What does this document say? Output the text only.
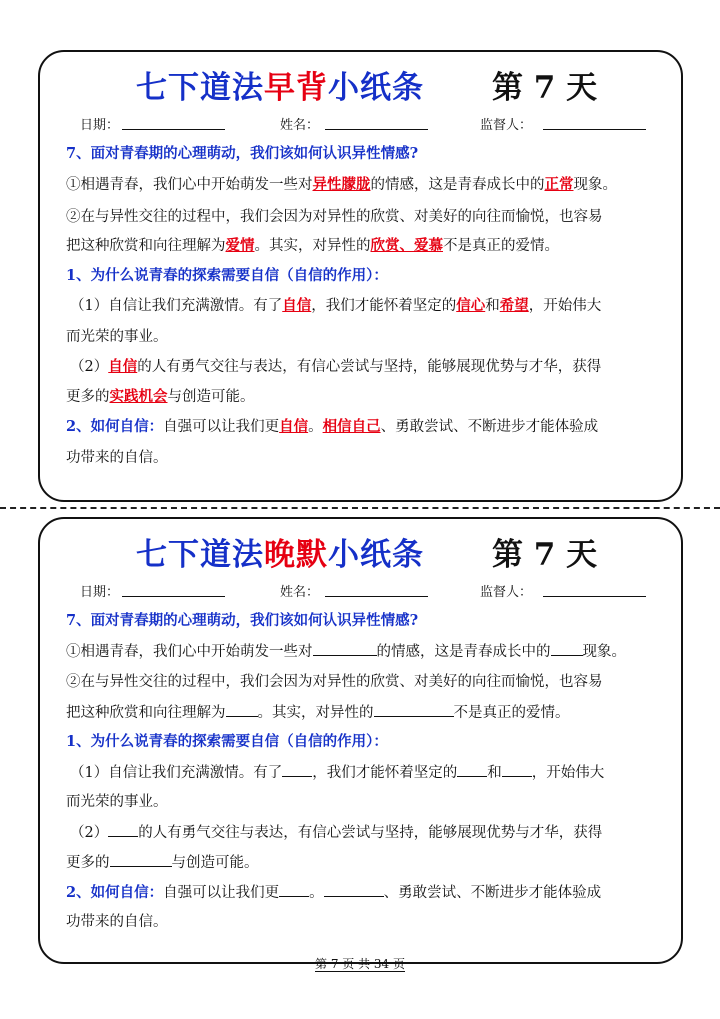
七下道法早背小纸条 第 7 天
日期：	姓名：	监督人：
7、面对青春期的心理萌动，我们该如何认识异性情感?
①相遇青春，我们心中开始萌发一些对异性朦胧的情感，这是青春成长中的正常现象。
②在与异性交往的过程中，我们会因为对异性的欣赏、对美好的向往而愉悦，也容易
把这种欣赏和向往理解为爱情。其实，对异性的欣赏、爱慕不是真正的爱情。
1、为什么说青春的探索需要自信（自信的作用）：
（1）自信让我们充满激情。有了自信，我们才能怀着坚定的信心和希望，开始伟大
而光荣的事业。
（2）自信的人有勇气交往与表达，有信心尝试与坚持，能够展现优势与才华，获得
更多的实践机会与创造可能。
2、如何自信：自强可以让我们更自信。相信自己、勇敢尝试、不断进步才能体验成
功带来的自信。
七下道法晚默小纸条 第 7 天
日期：	姓名：	监督人：
7、面对青春期的心理萌动，我们该如何认识异性情感?
①相遇青春，我们心中开始萌发一些对	的情感，这是青春成长中的 现象。
②在与异性交往的过程中，我们会因为对异性的欣赏、对美好的向往而愉悦，也容易
把这种欣赏和向往理解为 。其实，对异性的	不是真正的爱情。
1、为什么说青春的探索需要自信（自信的作用）：
（1）自信让我们充满激情。有了 ，我们才能怀着坚定的 和 ，开始伟大
而光荣的事业。
（2） 的人有勇气交往与表达，有信心尝试与坚持，能够展现优势与才华，获得
更多的	与创造可能。
2、如何自信：自强可以让我们更 。	、勇敢尝试、不断进步才能体验成
功带来的自信。
第 7 页 共 34 页
